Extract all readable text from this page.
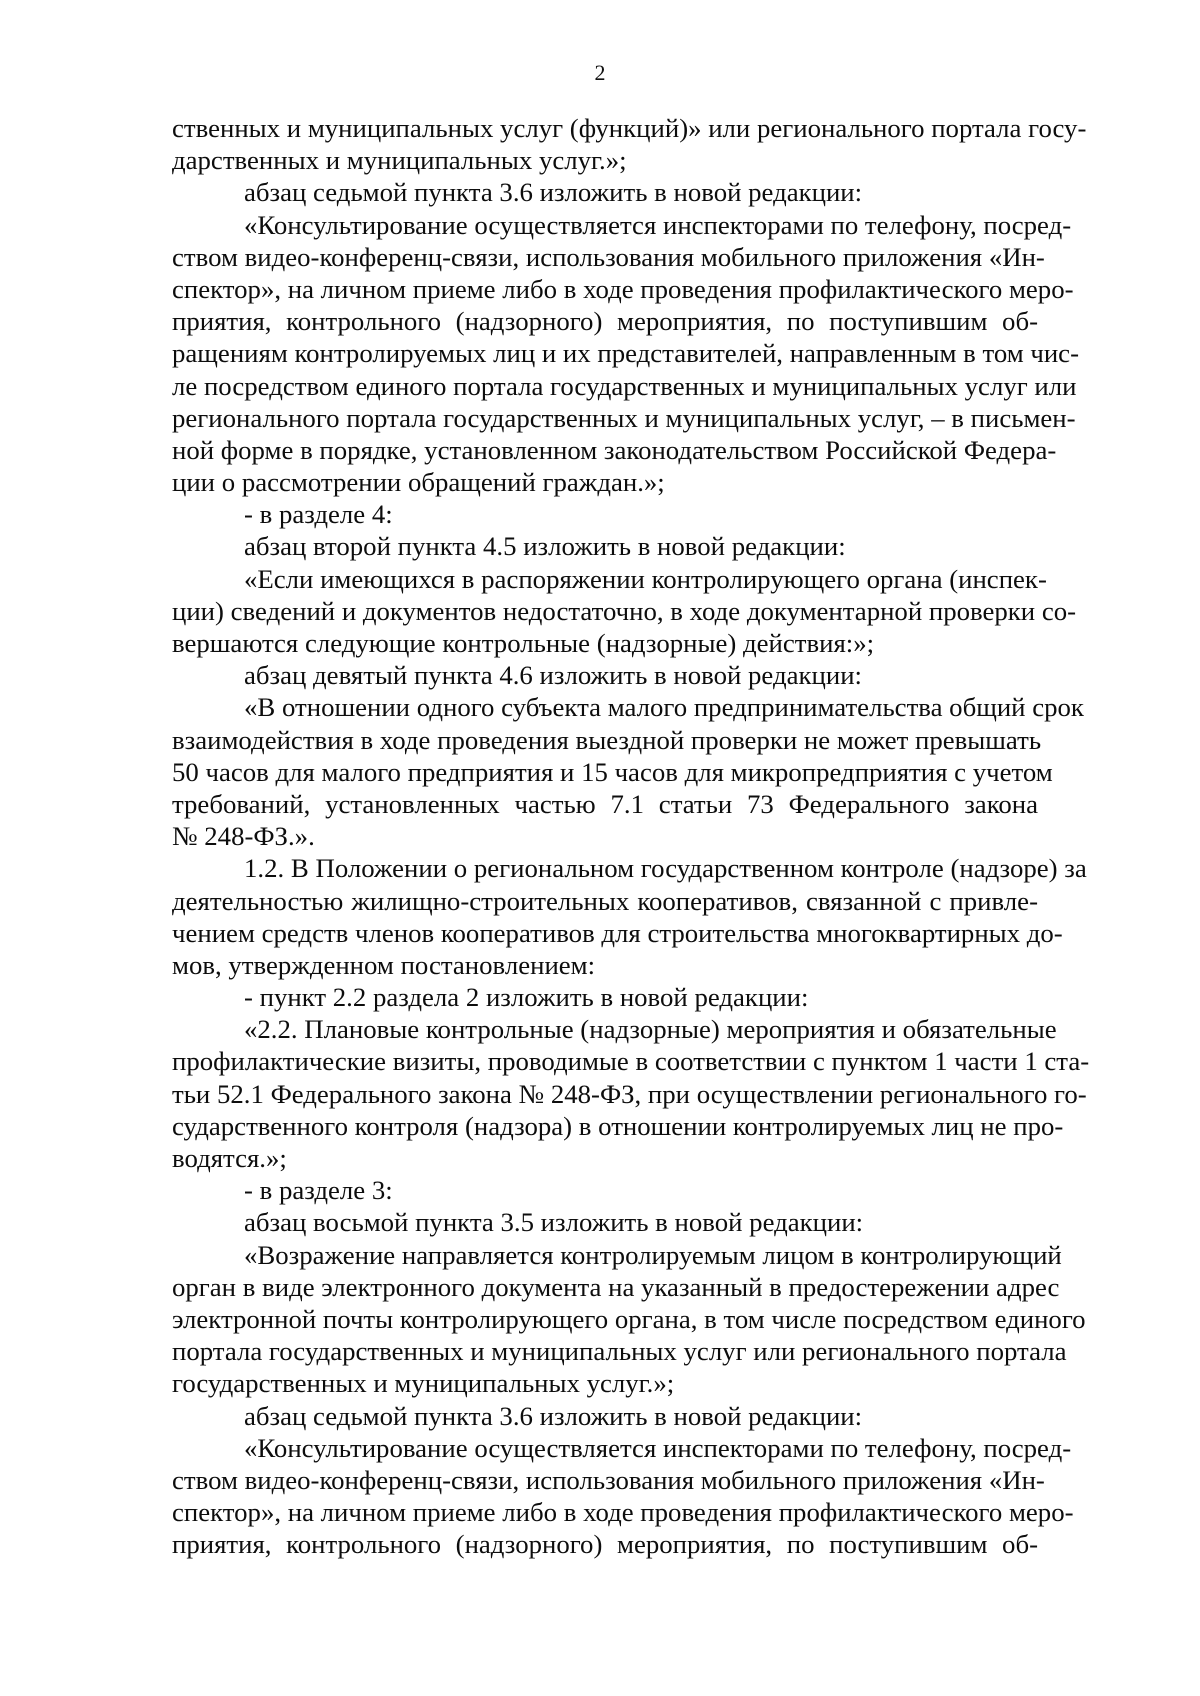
2
ственных и муниципальных услуг (функций)» или регионального портала госу-
дарственных и муниципальных услуг.»;
абзац седьмой пункта 3.6 изложить в новой редакции:
«Консультирование осуществляется инспекторами по телефону, посред-
ством видео-конференц-связи, использования мобильного приложения «Ин-
спектор», на личном приеме либо в ходе проведения профилактического меро-
приятия, контрольного (надзорного) мероприятия, по поступившим об-
ращениям контролируемых лиц и их представителей, направленным в том чис-
ле посредством единого портала государственных и муниципальных услуг или
регионального портала государственных и муниципальных услуг, – в письмен-
ной форме в порядке, установленном законодательством Российской Федера-
ции о рассмотрении обращений граждан.»;
- в разделе 4:
абзац второй пункта 4.5 изложить в новой редакции:
«Если имеющихся в распоряжении контролирующего органа (инспек-
ции) сведений и документов недостаточно, в ходе документарной проверки со-
вершаются следующие контрольные (надзорные) действия:»;
абзац девятый пункта 4.6 изложить в новой редакции:
«В отношении одного субъекта малого предпринимательства общий срок
взаимодействия в ходе проведения выездной проверки не может превышать
50 часов для малого предприятия и 15 часов для микропредприятия с учетом
требований, установленных частью 7.1 статьи 73 Федерального закона
№ 248-ФЗ.».
1.2. В Положении о региональном государственном контроле (надзоре) за
деятельностью жилищно-строительных кооперативов, связанной с привле-
чением средств членов кооперативов для строительства многоквартирных до-
мов, утвержденном постановлением:
- пункт 2.2 раздела 2 изложить в новой редакции:
«2.2. Плановые контрольные (надзорные) мероприятия и обязательные
профилактические визиты, проводимые в соответствии с пунктом 1 части 1 ста-
тьи 52.1 Федерального закона № 248-ФЗ, при осуществлении регионального го-
сударственного контроля (надзора) в отношении контролируемых лиц не про-
водятся.»;
- в разделе 3:
абзац восьмой пункта 3.5 изложить в новой редакции:
«Возражение направляется контролируемым лицом в контролирующий
орган в виде электронного документа на указанный в предостережении адрес
электронной почты контролирующего органа, в том числе посредством единого
портала государственных и муниципальных услуг или регионального портала
государственных и муниципальных услуг.»;
абзац седьмой пункта 3.6 изложить в новой редакции:
«Консультирование осуществляется инспекторами по телефону, посред-
ством видео-конференц-связи, использования мобильного приложения «Ин-
спектор», на личном приеме либо в ходе проведения профилактического меро-
приятия, контрольного (надзорного) мероприятия, по поступившим об-
